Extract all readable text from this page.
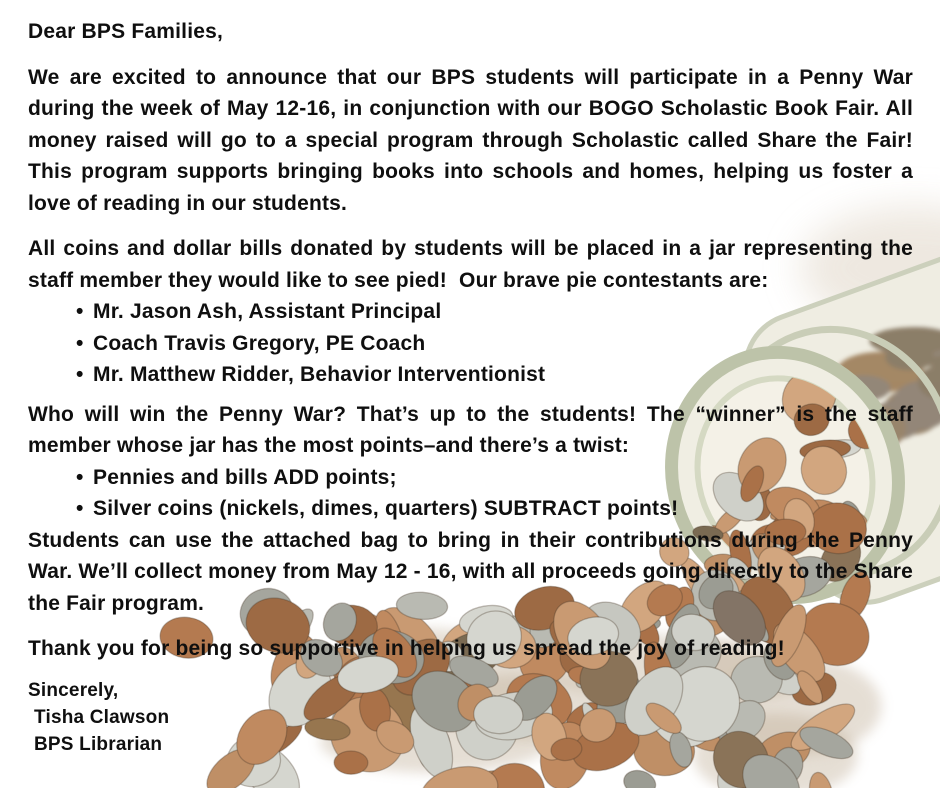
Dear BPS Families,

We are excited to announce that our BPS students will participate in a Penny War during the week of May 12-16, in conjunction with our BOGO Scholastic Book Fair. All money raised will go to a special program through Scholastic called Share the Fair! This program supports bringing books into schools and homes, helping us foster a love of reading in our students.

All coins and dollar bills donated by students will be placed in a jar representing the staff member they would like to see pied!  Our brave pie contestants are:

• Mr. Jason Ash, Assistant Principal
• Coach Travis Gregory, PE Coach
• Mr. Matthew Ridder, Behavior Interventionist

Who will win the Penny War? That’s up to the students! The “winner” is the staff member whose jar has the most points–and there’s a twist:

• Pennies and bills ADD points;
• Silver coins (nickels, dimes, quarters) SUBTRACT points!

Students can use the attached bag to bring in their contributions during the Penny War. We’ll collect money from May 12 - 16, with all proceeds going directly to the Share the Fair program.

Thank you for being so supportive in helping us spread the joy of reading!

Sincerely,
Tisha Clawson
BPS Librarian
